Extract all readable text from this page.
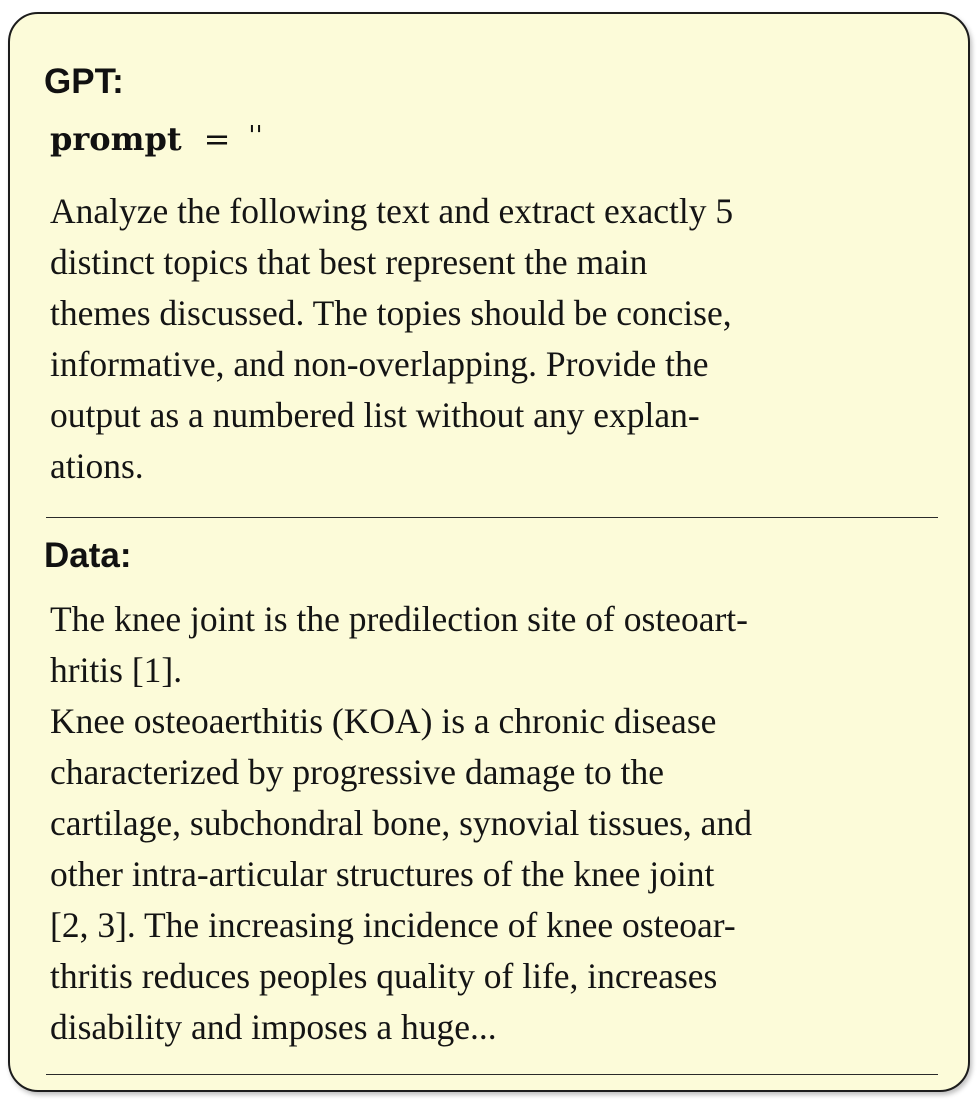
GPT:
prompt = ''
Analyze the following text and extract exactly 5
distinct topics that best represent the main
themes discussed. The topies should be concise,
informative, and non-overlapping. Provide the
output as a numbered list without any explan-
ations.
Data:
The knee joint is the predilection site of osteoart-
hritis [1].
Knee osteoaerthitis (KOA) is a chronic disease
characterized by progressive damage to the
cartilage, subchondral bone, synovial tissues, and
other intra-articular structures of the knee joint
[2, 3]. The increasing incidence of knee osteoar-
thritis reduces peoples quality of life, increases
disability and imposes a huge...
